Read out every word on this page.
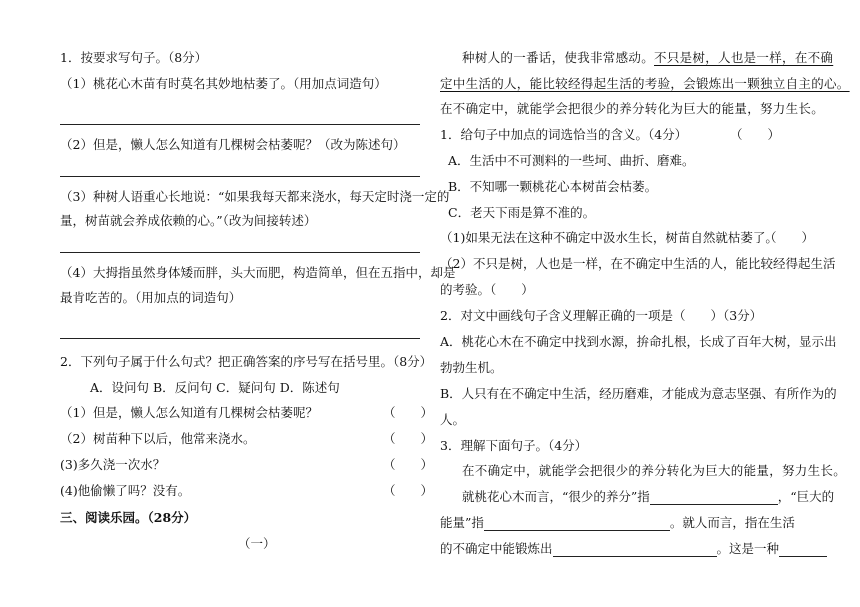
1．按要求写句子。（8分）
（1）桃花心木苗有时莫名其妙地枯萎了。（用加点词造句）
（2）但是，懒人怎么知道有几棵树会枯萎呢？（改为陈述句）
（3）种树人语重心长地说：“如果我每天都来浇水，每天定时浇一定的
量，树苗就会养成依赖的心。”（改为间接转述）
（4）大拇指虽然身体矮而胖，头大而肥，构造简单，但在五指中，却是
最肯吃苦的。（用加点的词造句）
2．下列句子属于什么句式？把正确答案的序号写在括号里。（8分）
A．设问句 B．反问句 C．疑问句 D．陈述句
（1）但是，懒人怎么知道有几棵树会枯萎呢？	（　　）
（2）树苗种下以后，他常来浇水。	（　　）
(3)多久浇一次水？	（　　）
(4)他偷懒了吗？没有。	（　　）
三、阅读乐园。（28分）
（一）
种树人的一番话，使我非常感动。不只是树，人也是一样，在不确
定中生活的人，能比较经得起生活的考验，会锻炼出一颗独立自主的心。
在不确定中，就能学会把很少的养分转化为巨大的能量，努力生长。
1．给句子中加点的词选恰当的含义。（4分）	（　　）
A．生活中不可测料的一些坷、曲折、磨难。
B．不知哪一颗桃花心本树苗会枯萎。
C．老天下雨是算不准的。
（1)如果无法在这种不确定中汲水生长，树苗自然就枯萎了。
（　　）
（2）不只是树，人也是一样，在不确定中生活的人，能比较经得起生活
的考验。（　　）
2．对文中画线句子含义理解正确的一项是（　　）（3分）
A．桃花心木在不确定中找到水源，拚命扎根，长成了百年大树，显示出
勃勃生机。
B．人只有在不确定中生活，经历磨难，才能成为意志坚强、有所作为的
人。
3．理解下面句子。（4分）
在不确定中，就能学会把很少的养分转化为巨大的能量，努力生长。
就桃花心木而言，“很少的养分”指	，“巨大的
能量”指	。就人而言，指在生活
的不确定中能锻炼出	。这是一种
